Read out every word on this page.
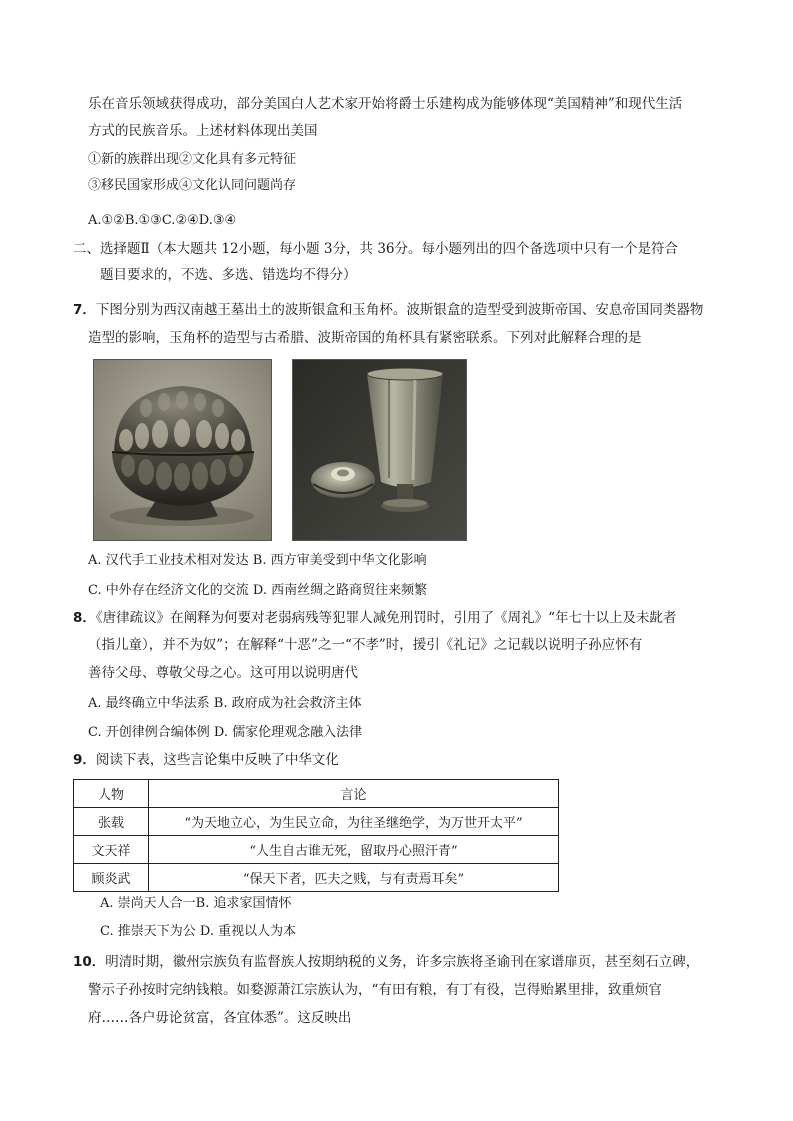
乐在音乐领域获得成功，部分美国白人艺术家开始将爵士乐建构成为能够体现“美国精神”和现代生活
方式的民族音乐。上述材料体现出美国
①新的族群出现②文化具有多元特征
③移民国家形成④文化认同问题尚存
A.①②B.①③C.②④D.③④
二、选择题Ⅱ（本大题共 12小题，每小题 3分，共 36分。每小题列出的四个备选项中只有一个是符合
题目要求的，不选、多选、错选均不得分）
7．下图分别为西汉南越王墓出土的波斯银盒和玉角杯。波斯银盒的造型受到波斯帝国、安息帝国同类器物
造型的影响，玉角杯的造型与古希腊、波斯帝国的角杯具有紧密联系。下列对此解释合理的是
A. 汉代手工业技术相对发达 B. 西方审美受到中华文化影响
C. 中外存在经济文化的交流 D. 西南丝绸之路商贸往来频繁
8．《唐律疏议》在阐释为何要对老弱病残等犯罪人减免刑罚时，引用了《周礼》“年七十以上及未龀者
（指儿童），并不为奴”；在解释“十恶”之一“不孝”时，援引《礼记》之记载以说明子孙应怀有
善待父母、尊敬父母之心。这可用以说明唐代
A. 最终确立中华法系 B. 政府成为社会救济主体
C. 开创律例合编体例 D. 儒家伦理观念融入法律
9．阅读下表，这些言论集中反映了中华文化
人物	言论
张载	“为天地立心，为生民立命，为往圣继绝学，为万世开太平”
文天祥	“人生自古谁无死，留取丹心照汗青”
顾炎武	“保天下者，匹夫之贱，与有责焉耳矣”
A. 崇尚天人合一B. 追求家国情怀
C. 推崇天下为公 D. 重视以人为本
10．明清时期，徽州宗族负有监督族人按期纳税的义务，许多宗族将圣谕刊在家谱扉页，甚至刻石立碑，
警示子孙按时完纳钱粮。如婺源萧江宗族认为，“有田有粮，有丁有役，岂得贻累里排，致重烦官
府……各户毋论贫富，各宜体悉”。这反映出
